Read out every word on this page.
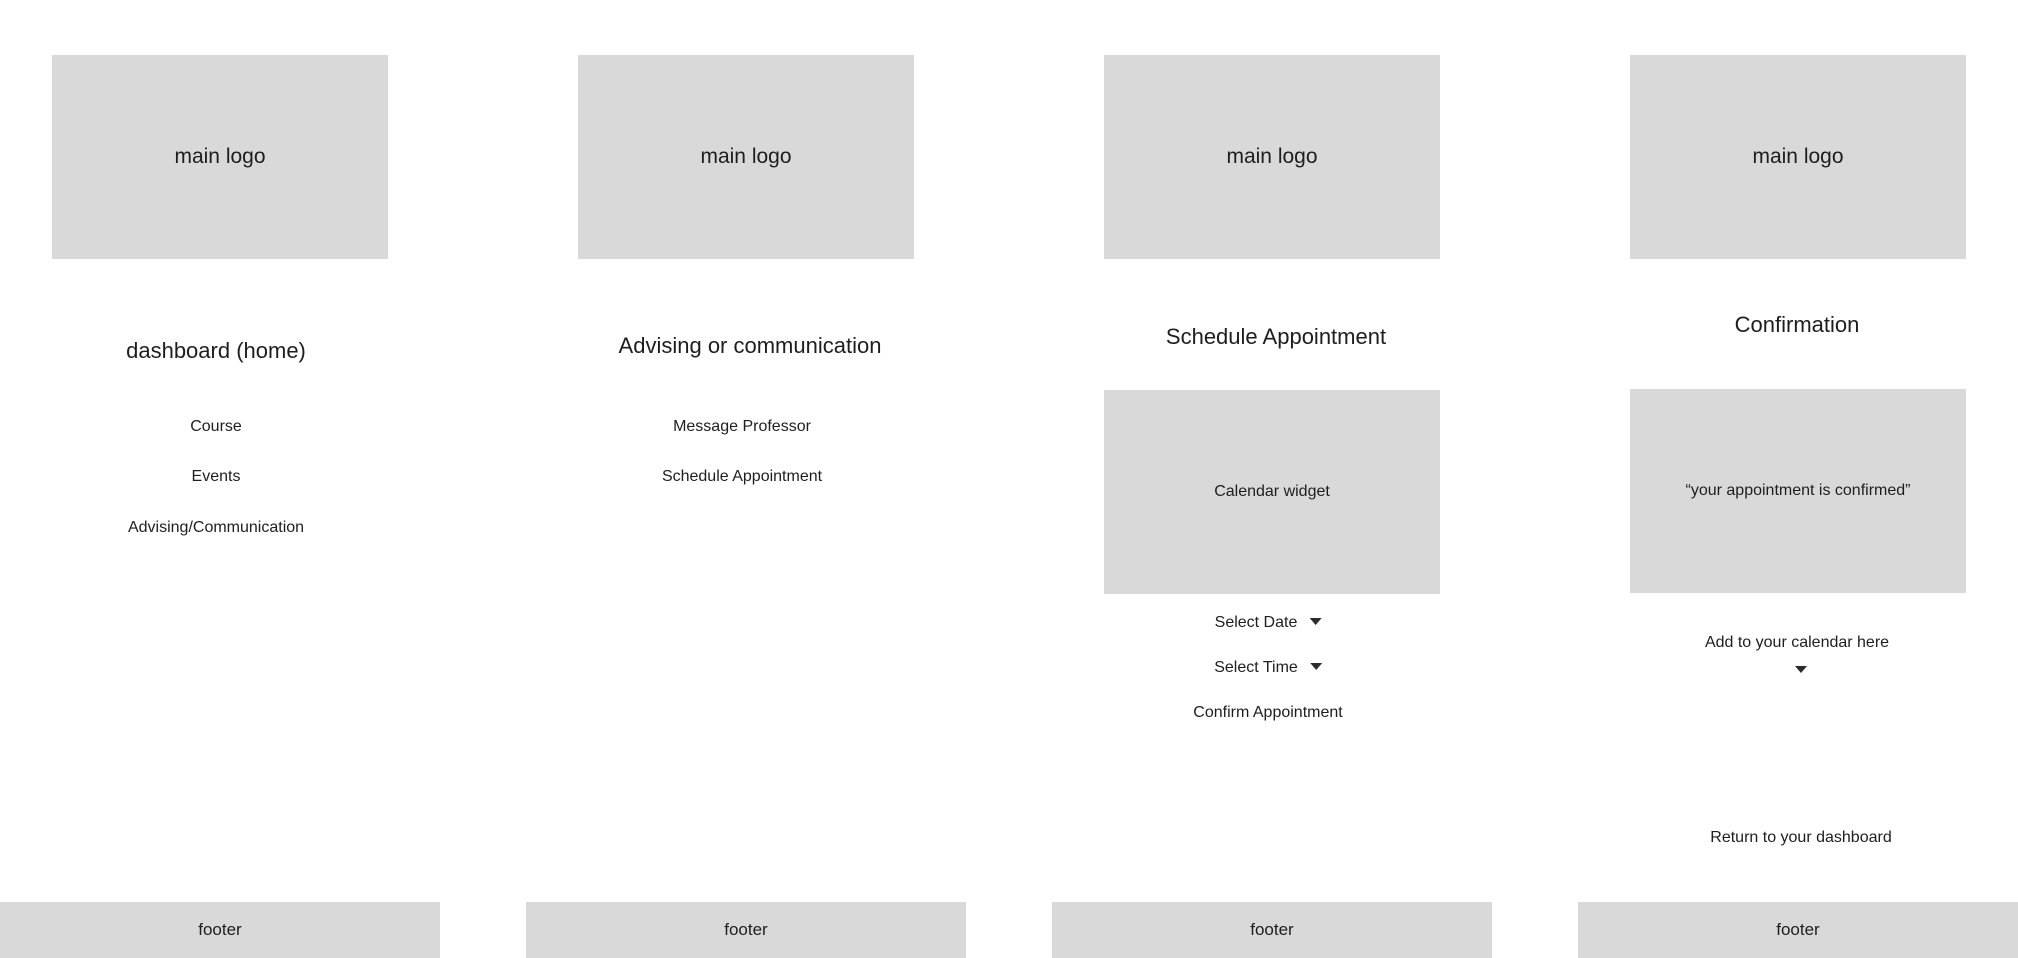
main logo
dashboard (home)
Course
Events
Advising/Communication
footer
main logo
Advising or communication
Message Professor
Schedule Appointment
footer
main logo
Schedule Appointment
Calendar widget
Select Date
Select Time
Confirm Appointment
footer
main logo
Confirmation
“your appointment is confirmed”
Add to your calendar here
Return to your dashboard
footer
